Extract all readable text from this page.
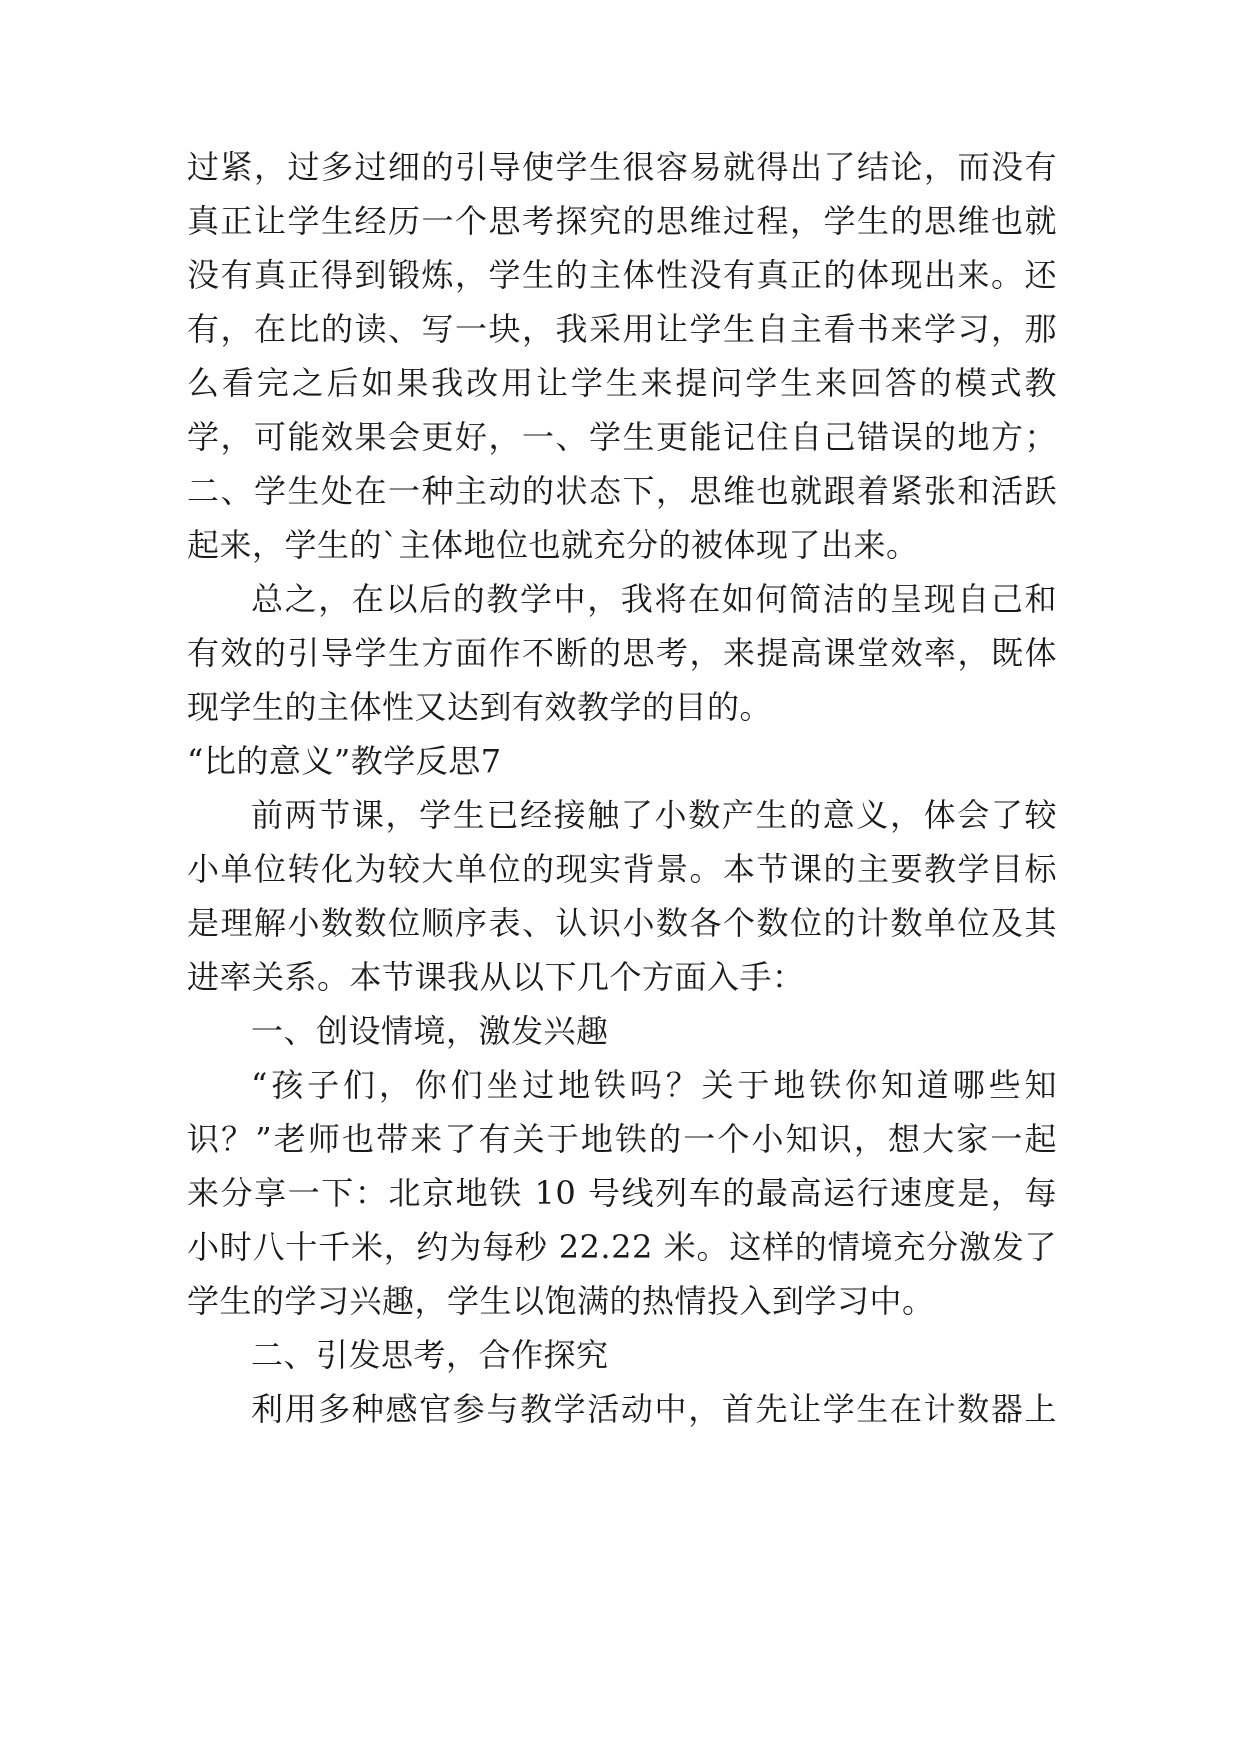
过紧，过多过细的引导使学生很容易就得出了结论，而没有
真正让学生经历一个思考探究的思维过程，学生的思维也就
没有真正得到锻炼，学生的主体性没有真正的体现出来。还
有，在比的读、写一块，我采用让学生自主看书来学习，那
么看完之后如果我改用让学生来提问学生来回答的模式教
学，可能效果会更好，一、学生更能记住自己错误的地方；
二、学生处在一种主动的状态下，思维也就跟着紧张和活跃
起来，学生的`主体地位也就充分的被体现了出来。
总之，在以后的教学中，我将在如何简洁的呈现自己和
有效的引导学生方面作不断的思考，来提高课堂效率，既体
现学生的主体性又达到有效教学的目的。
“比的意义”教学反思7
前两节课，学生已经接触了小数产生的意义，体会了较
小单位转化为较大单位的现实背景。本节课的主要教学目标
是理解小数数位顺序表、认识小数各个数位的计数单位及其
进率关系。本节课我从以下几个方面入手：
一、创设情境，激发兴趣
“孩子们，你们坐过地铁吗？关于地铁你知道哪些知
识？”老师也带来了有关于地铁的一个小知识，想大家一起
来分享一下：北京地铁 10 号线列车的最高运行速度是，每
小时八十千米，约为每秒 22.22 米。这样的情境充分激发了
学生的学习兴趣，学生以饱满的热情投入到学习中。
二、引发思考，合作探究
利用多种感官参与教学活动中，首先让学生在计数器上
